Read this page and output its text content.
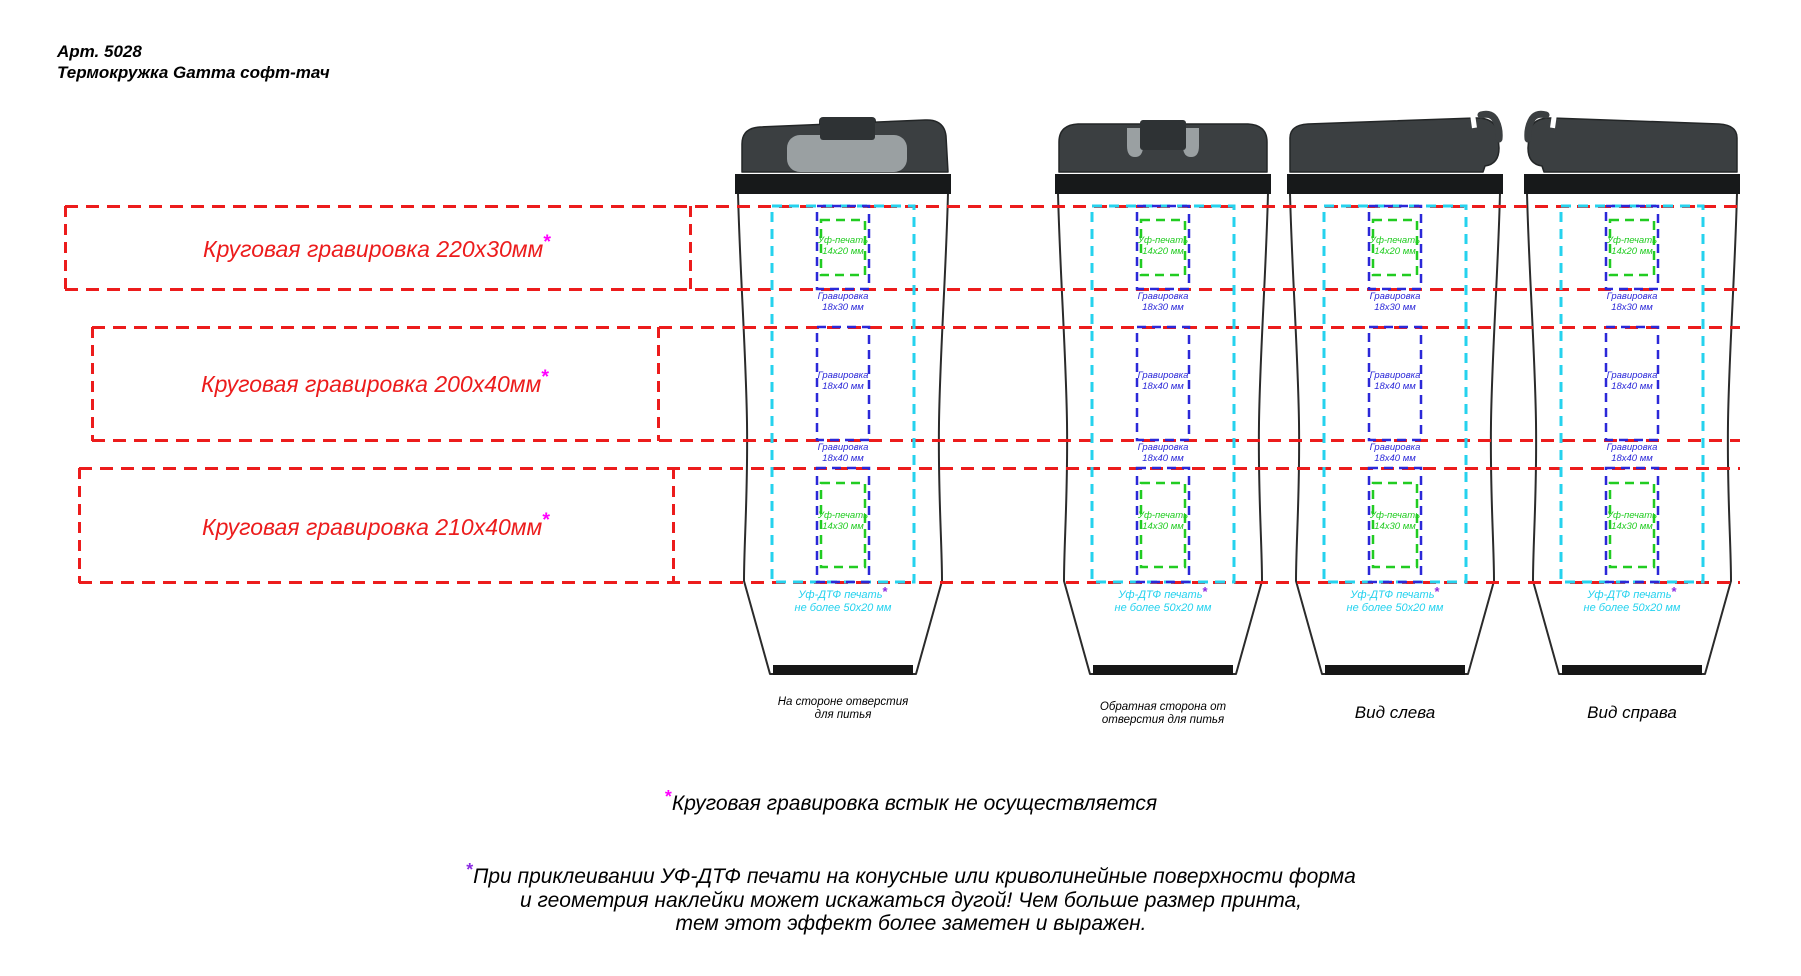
Арт. 5028
Термокружка Gamma софт-тач
Круговая гравировка 220x30мм*
Круговая гравировка 200x40мм*
Круговая гравировка 210x40мм*
Уф-печать
14x20 мм
Гравировка
18x30 мм
Гравировка
18x40 мм
Гравировка
18x40 мм
Уф-печать
14x30 мм
Уф-ДТФ печать*
не более 50x20 мм
На стороне отверстия
для питья
Уф-печать
14x20 мм
Гравировка
18x30 мм
Гравировка
18x40 мм
Гравировка
18x40 мм
Уф-печать
14x30 мм
Уф-ДТФ печать*
не более 50x20 мм
Обратная сторона от
отверстия для питья
Уф-печать
14x20 мм
Гравировка
18x30 мм
Гравировка
18x40 мм
Гравировка
18x40 мм
Уф-печать
14x30 мм
Уф-ДТФ печать*
не более 50x20 мм
Вид слева
Уф-печать
14x20 мм
Гравировка
18x30 мм
Гравировка
18x40 мм
Гравировка
18x40 мм
Уф-печать
14x30 мм
Уф-ДТФ печать*
не более 50x20 мм
Вид справа
*Круговая гравировка встык не осуществляется
*При приклеивании УФ-ДТФ печати на конусные или криволинейные поверхности форма
и геометрия наклейки может искажаться дугой! Чем больше размер принта,
тем этот эффект более заметен и выражен.
